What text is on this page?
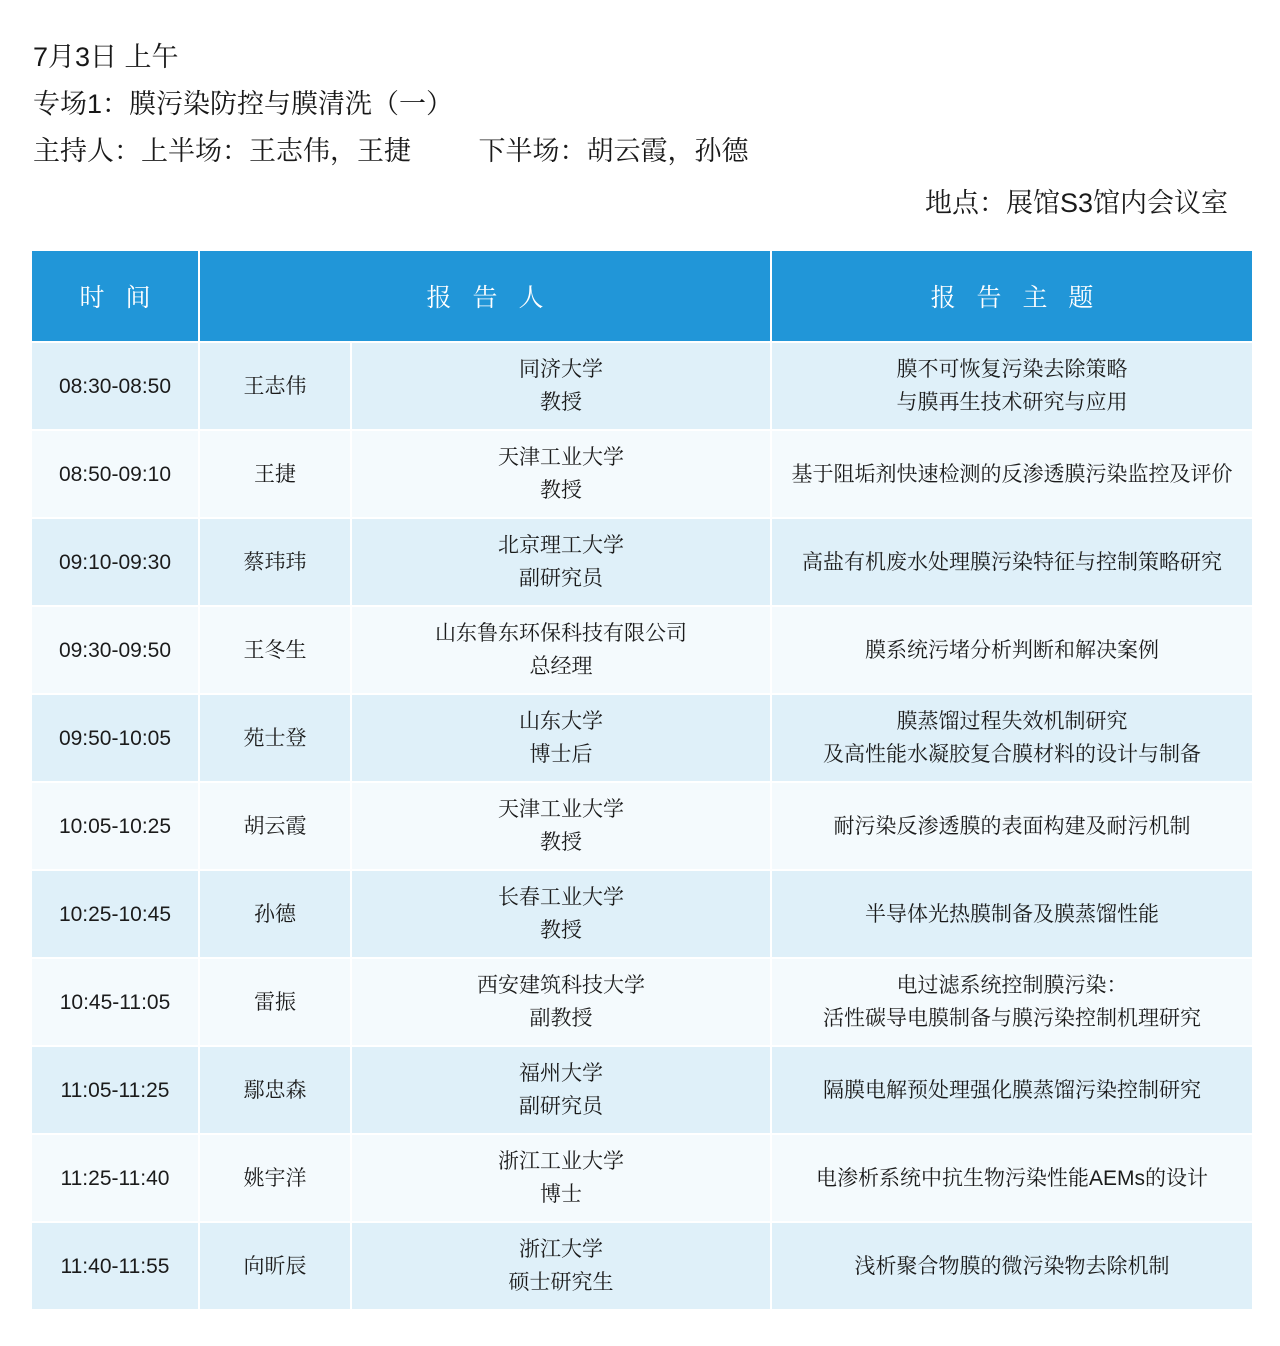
7月3日 上午
专场1：膜污染防控与膜清洗（一）
主持人：上半场：王志伟，王捷         下半场：胡云霞，孙德
地点：展馆S3馆内会议室
时 间	报 告 人		报 告 主 题
08:30-08:50	王志伟	同济大学
教授	膜不可恢复污染去除策略
与膜再生技术研究与应用

08:50-09:10	王捷	天津工业大学
教授	基于阻垢剂快速检测的反渗透膜污染监控及评价

09:10-09:30	蔡玮玮	北京理工大学
副研究员	高盐有机废水处理膜污染特征与控制策略研究

09:30-09:50	王冬生	山东鲁东环保科技有限公司
总经理	膜系统污堵分析判断和解决案例

09:50-10:05	苑士登	山东大学
博士后	膜蒸馏过程失效机制研究
及高性能水凝胶复合膜材料的设计与制备

10:05-10:25	胡云霞	天津工业大学
教授	耐污染反渗透膜的表面构建及耐污机制

10:25-10:45	孙德	长春工业大学
教授	半导体光热膜制备及膜蒸馏性能

10:45-11:05	雷振	西安建筑科技大学
副教授	电过滤系统控制膜污染：
活性碳导电膜制备与膜污染控制机理研究

11:05-11:25	鄢忠森	福州大学
副研究员	隔膜电解预处理强化膜蒸馏污染控制研究

11:25-11:40	姚宇洋	浙江工业大学
博士	电渗析系统中抗生物污染性能AEMs的设计

11:40-11:55	向昕辰	浙江大学
硕士研究生	浅析聚合物膜的微污染物去除机制
